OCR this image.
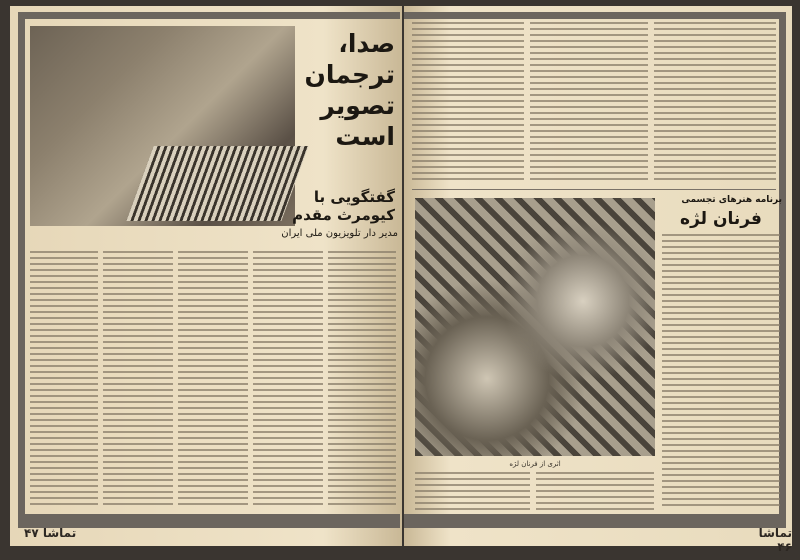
صدا، ترجمان تصویر است
گفتگویی با
کیومرث مقدم
مدیر دار تلویزیون ملی ایران
تماشا ۴۷
اثری از فرنان لژه
برنامه هنرهای تجسمی
فرنان لژه
تماشا ۴۶
